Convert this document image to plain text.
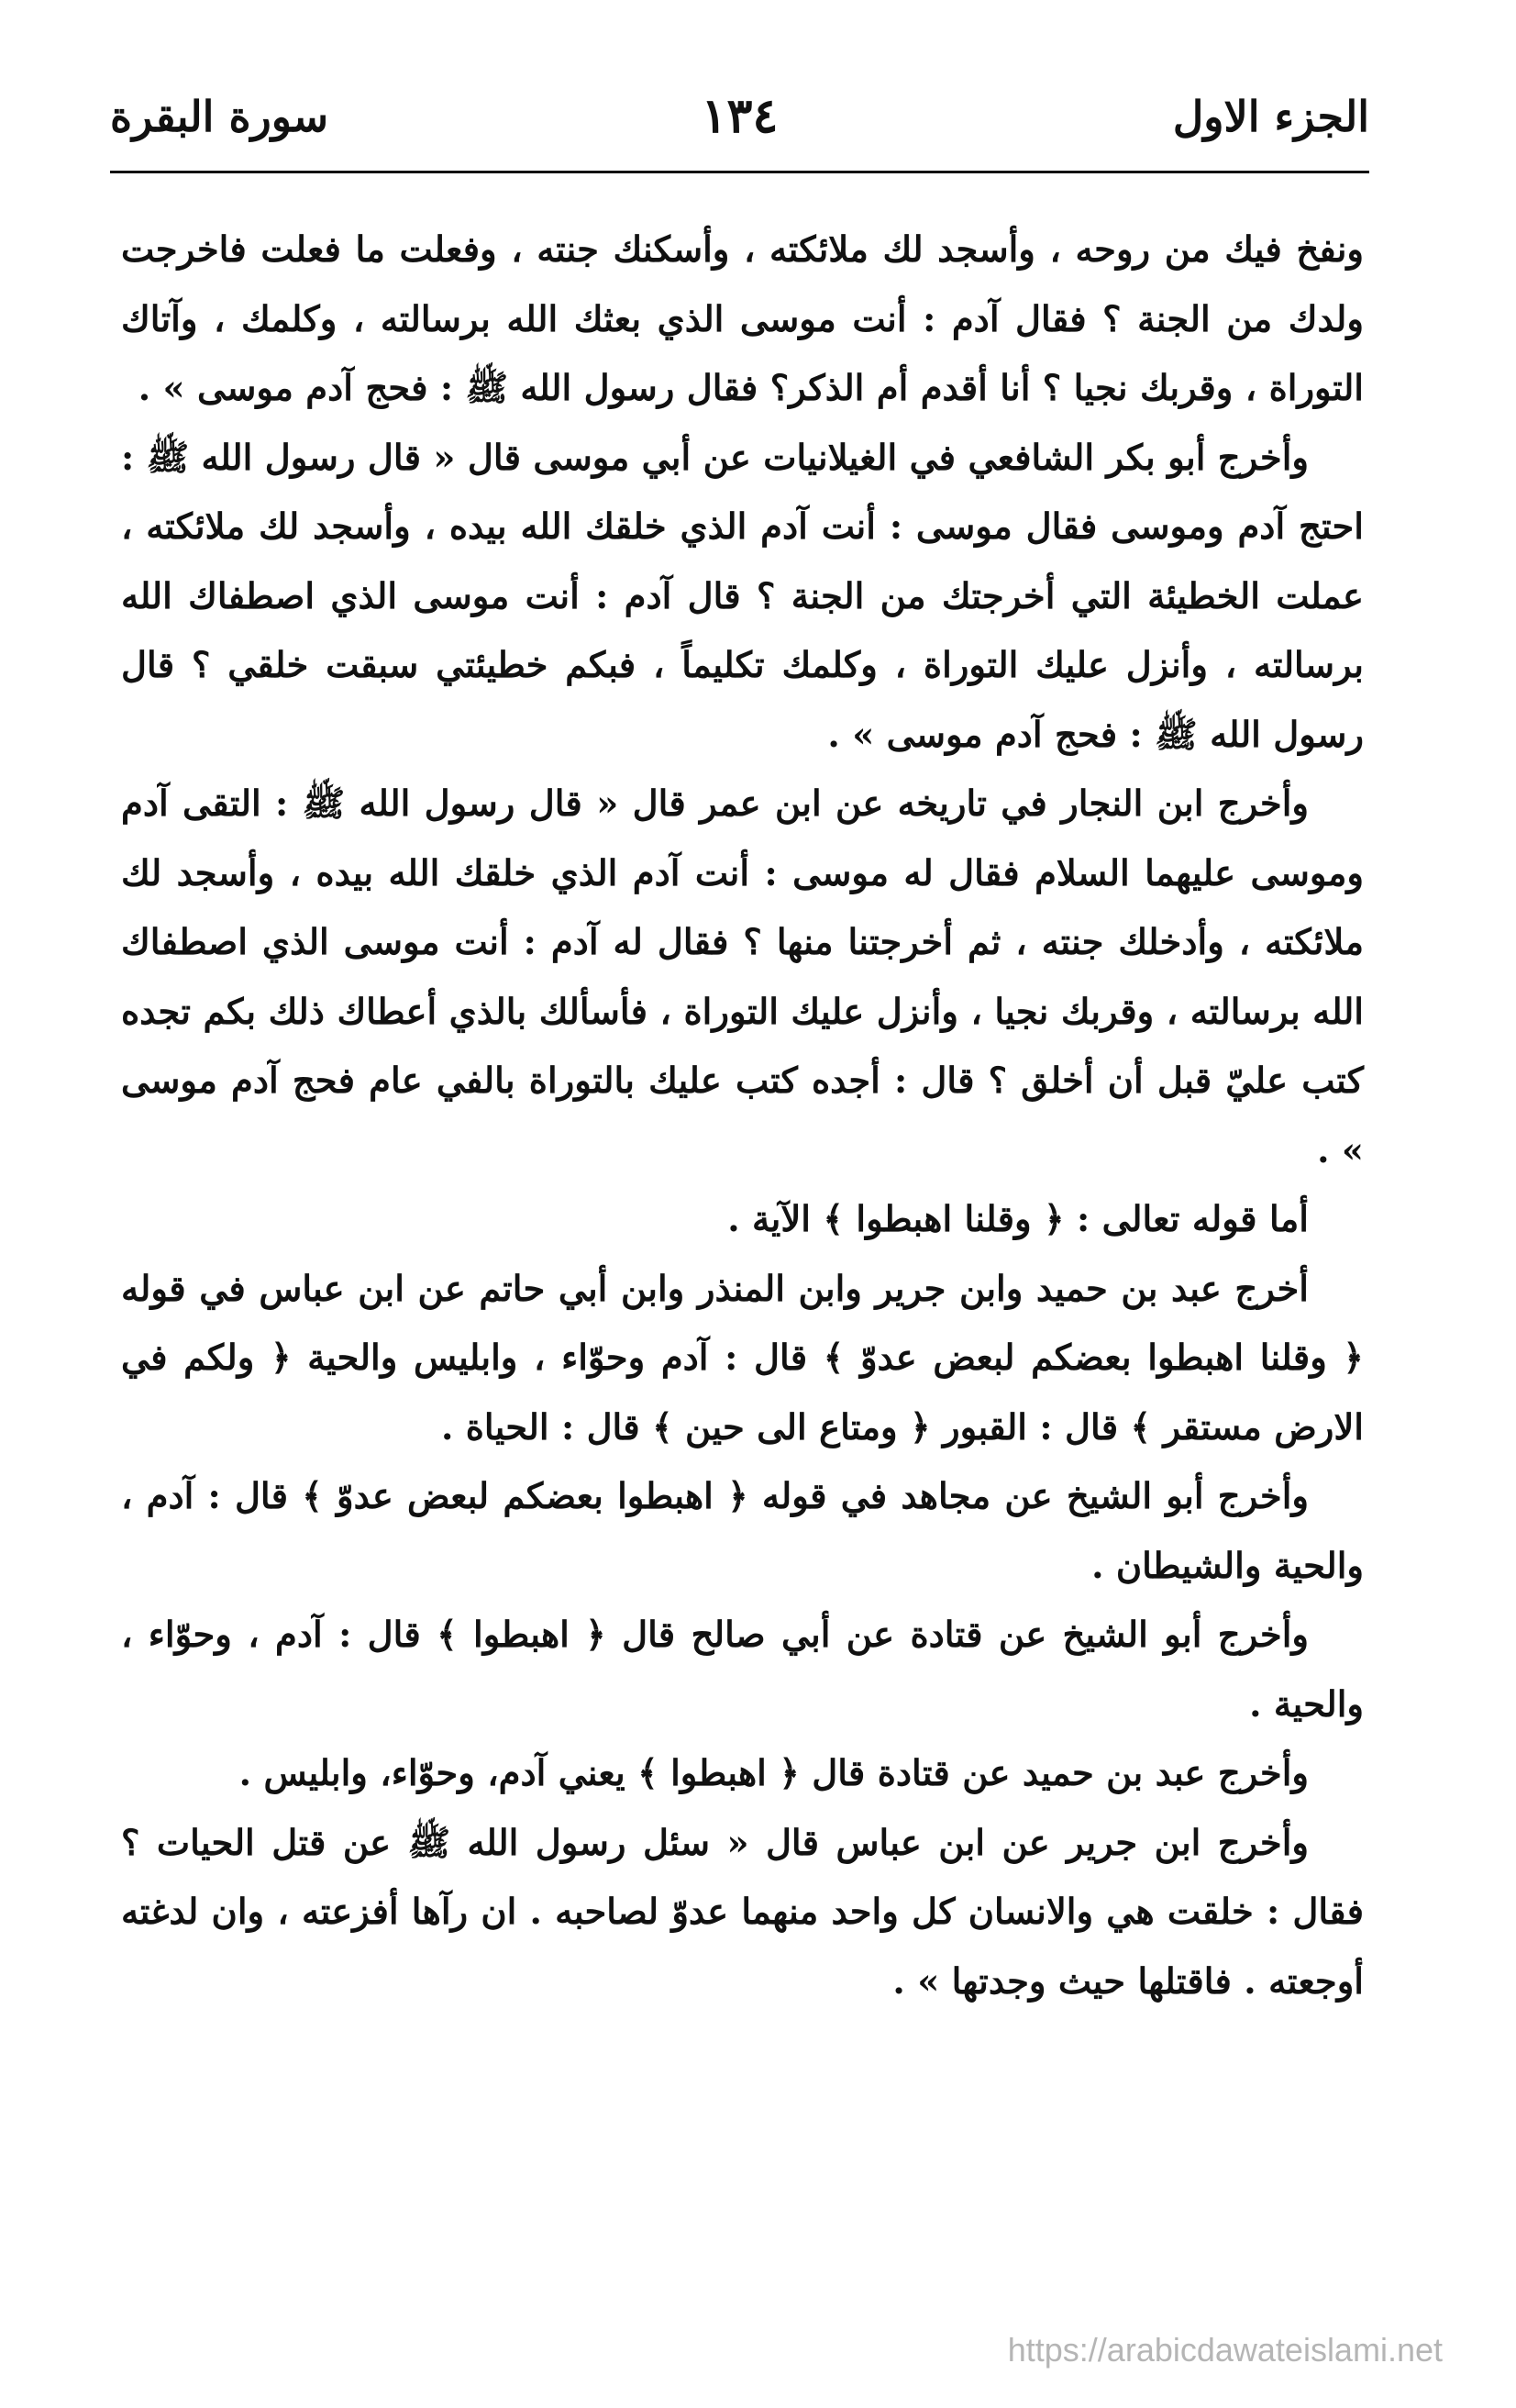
الجزء الاول
١٣٤
سورة البقرة

ونفخ فيك من روحه ، وأسجد لك ملائكته ، وأسكنك جنته ، وفعلت ما فعلت فاخرجت ولدك من الجنة ؟ فقال آدم : أنت موسى الذي بعثك الله برسالته ، وكلمك ، وآتاك التوراة ، وقربك نجيا ؟ أنا أقدم أم الذكر؟ فقال رسول الله ﷺ : فحج آدم موسى » .

وأخرج أبو بكر الشافعي في الغيلانيات عن أبي موسى قال « قال رسول الله ﷺ : احتج آدم وموسى فقال موسى : أنت آدم الذي خلقك الله بيده ، وأسجد لك ملائكته ، عملت الخطيئة التي أخرجتك من الجنة ؟ قال آدم : أنت موسى الذي اصطفاك الله برسالته ، وأنزل عليك التوراة ، وكلمك تكليماً ، فبكم خطيئتي سبقت خلقي ؟ قال رسول الله ﷺ : فحج آدم موسى » .

وأخرج ابن النجار في تاريخه عن ابن عمر قال « قال رسول الله ﷺ : التقى آدم وموسى عليهما السلام فقال له موسى : أنت آدم الذي خلقك الله بيده ، وأسجد لك ملائكته ، وأدخلك جنته ، ثم أخرجتنا منها ؟ فقال له آدم : أنت موسى الذي اصطفاك الله برسالته ، وقربك نجيا ، وأنزل عليك التوراة ، فأسألك بالذي أعطاك ذلك بكم تجده كتب عليّ قبل أن أخلق ؟ قال : أجده كتب عليك بالتوراة بالفي عام فحج آدم موسى » .

أما قوله تعالى : ﴿ وقلنا اهبطوا ﴾ الآية .

أخرج عبد بن حميد وابن جرير وابن المنذر وابن أبي حاتم عن ابن عباس في قوله ﴿ وقلنا اهبطوا بعضكم لبعض عدوّ ﴾ قال : آدم وحوّاء ، وابليس والحية ﴿ ولكم في الارض مستقر ﴾ قال : القبور ﴿ ومتاع الى حين ﴾ قال : الحياة .

وأخرج أبو الشيخ عن مجاهد في قوله ﴿ اهبطوا بعضكم لبعض عدوّ ﴾ قال : آدم ، والحية والشيطان .

وأخرج أبو الشيخ عن قتادة عن أبي صالح قال ﴿ اهبطوا ﴾ قال : آدم ، وحوّاء ، والحية .

وأخرج عبد بن حميد عن قتادة قال ﴿ اهبطوا ﴾ يعني آدم، وحوّاء، وابليس .

وأخرج ابن جرير عن ابن عباس قال « سئل رسول الله ﷺ عن قتل الحيات ؟ فقال : خلقت هي والانسان كل واحد منهما عدوّ لصاحبه . ان رآها أفزعته ، وان لدغته أوجعته . فاقتلها حيث وجدتها » .

https://arabicdawateislami.net
